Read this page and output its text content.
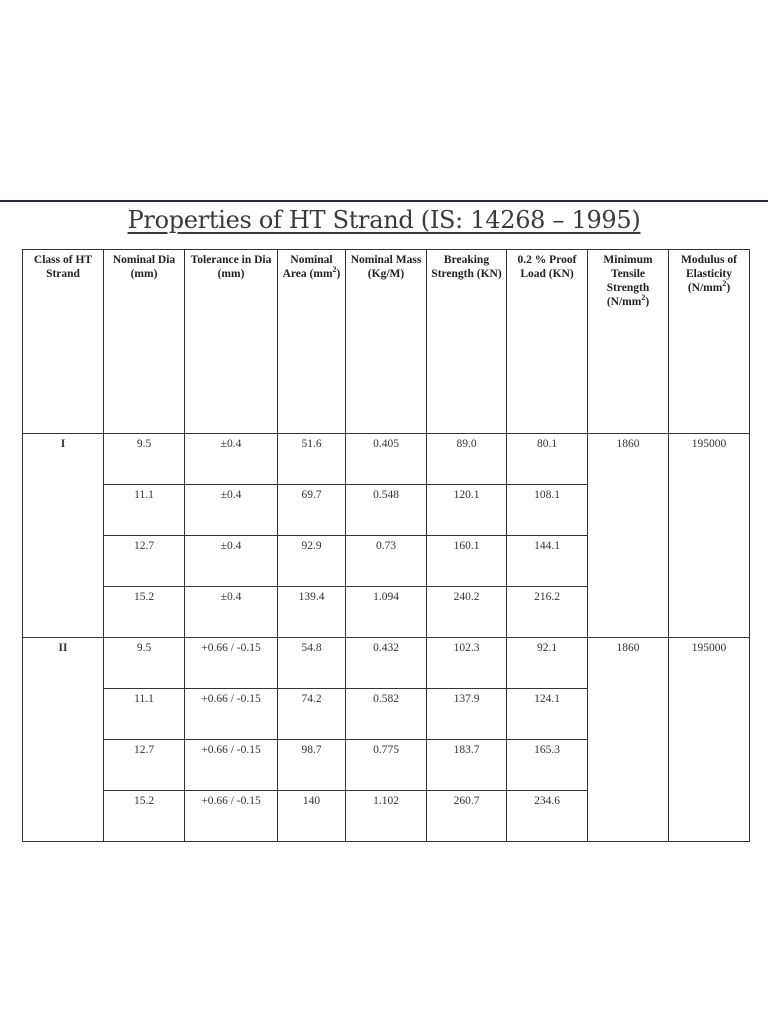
Properties of HT Strand (IS: 14268 – 1995)
Class of HT Strand	Nominal Dia (mm)	Tolerance in Dia (mm)	Nominal Area $(mm^2)$	Nominal Mass (Kg/M)	Breaking Strength (KN)	0.2 % Proof Load (KN)	Minimum Tensile Strength $(N/mm^2)$	Modulus of Elasticity $(N/mm^2)$
I	9.5	±0.4	51.6	0.405	89.0	80.1	1860	195000
	11.1	±0.4	69.7	0.548	120.1	108.1		
	12.7	±0.4	92.9	0.73	160.1	144.1		
	15.2	±0.4	139.4	1.094	240.2	216.2		
II	9.5	+0.66 / -0.15	54.8	0.432	102.3	92.1	1860	195000
	11.1	+0.66 / -0.15	74.2	0.582	137.9	124.1		
	12.7	+0.66 / -0.15	98.7	0.775	183.7	165.3		
	15.2	+0.66 / -0.15	140	1.102	260.7	234.6		
